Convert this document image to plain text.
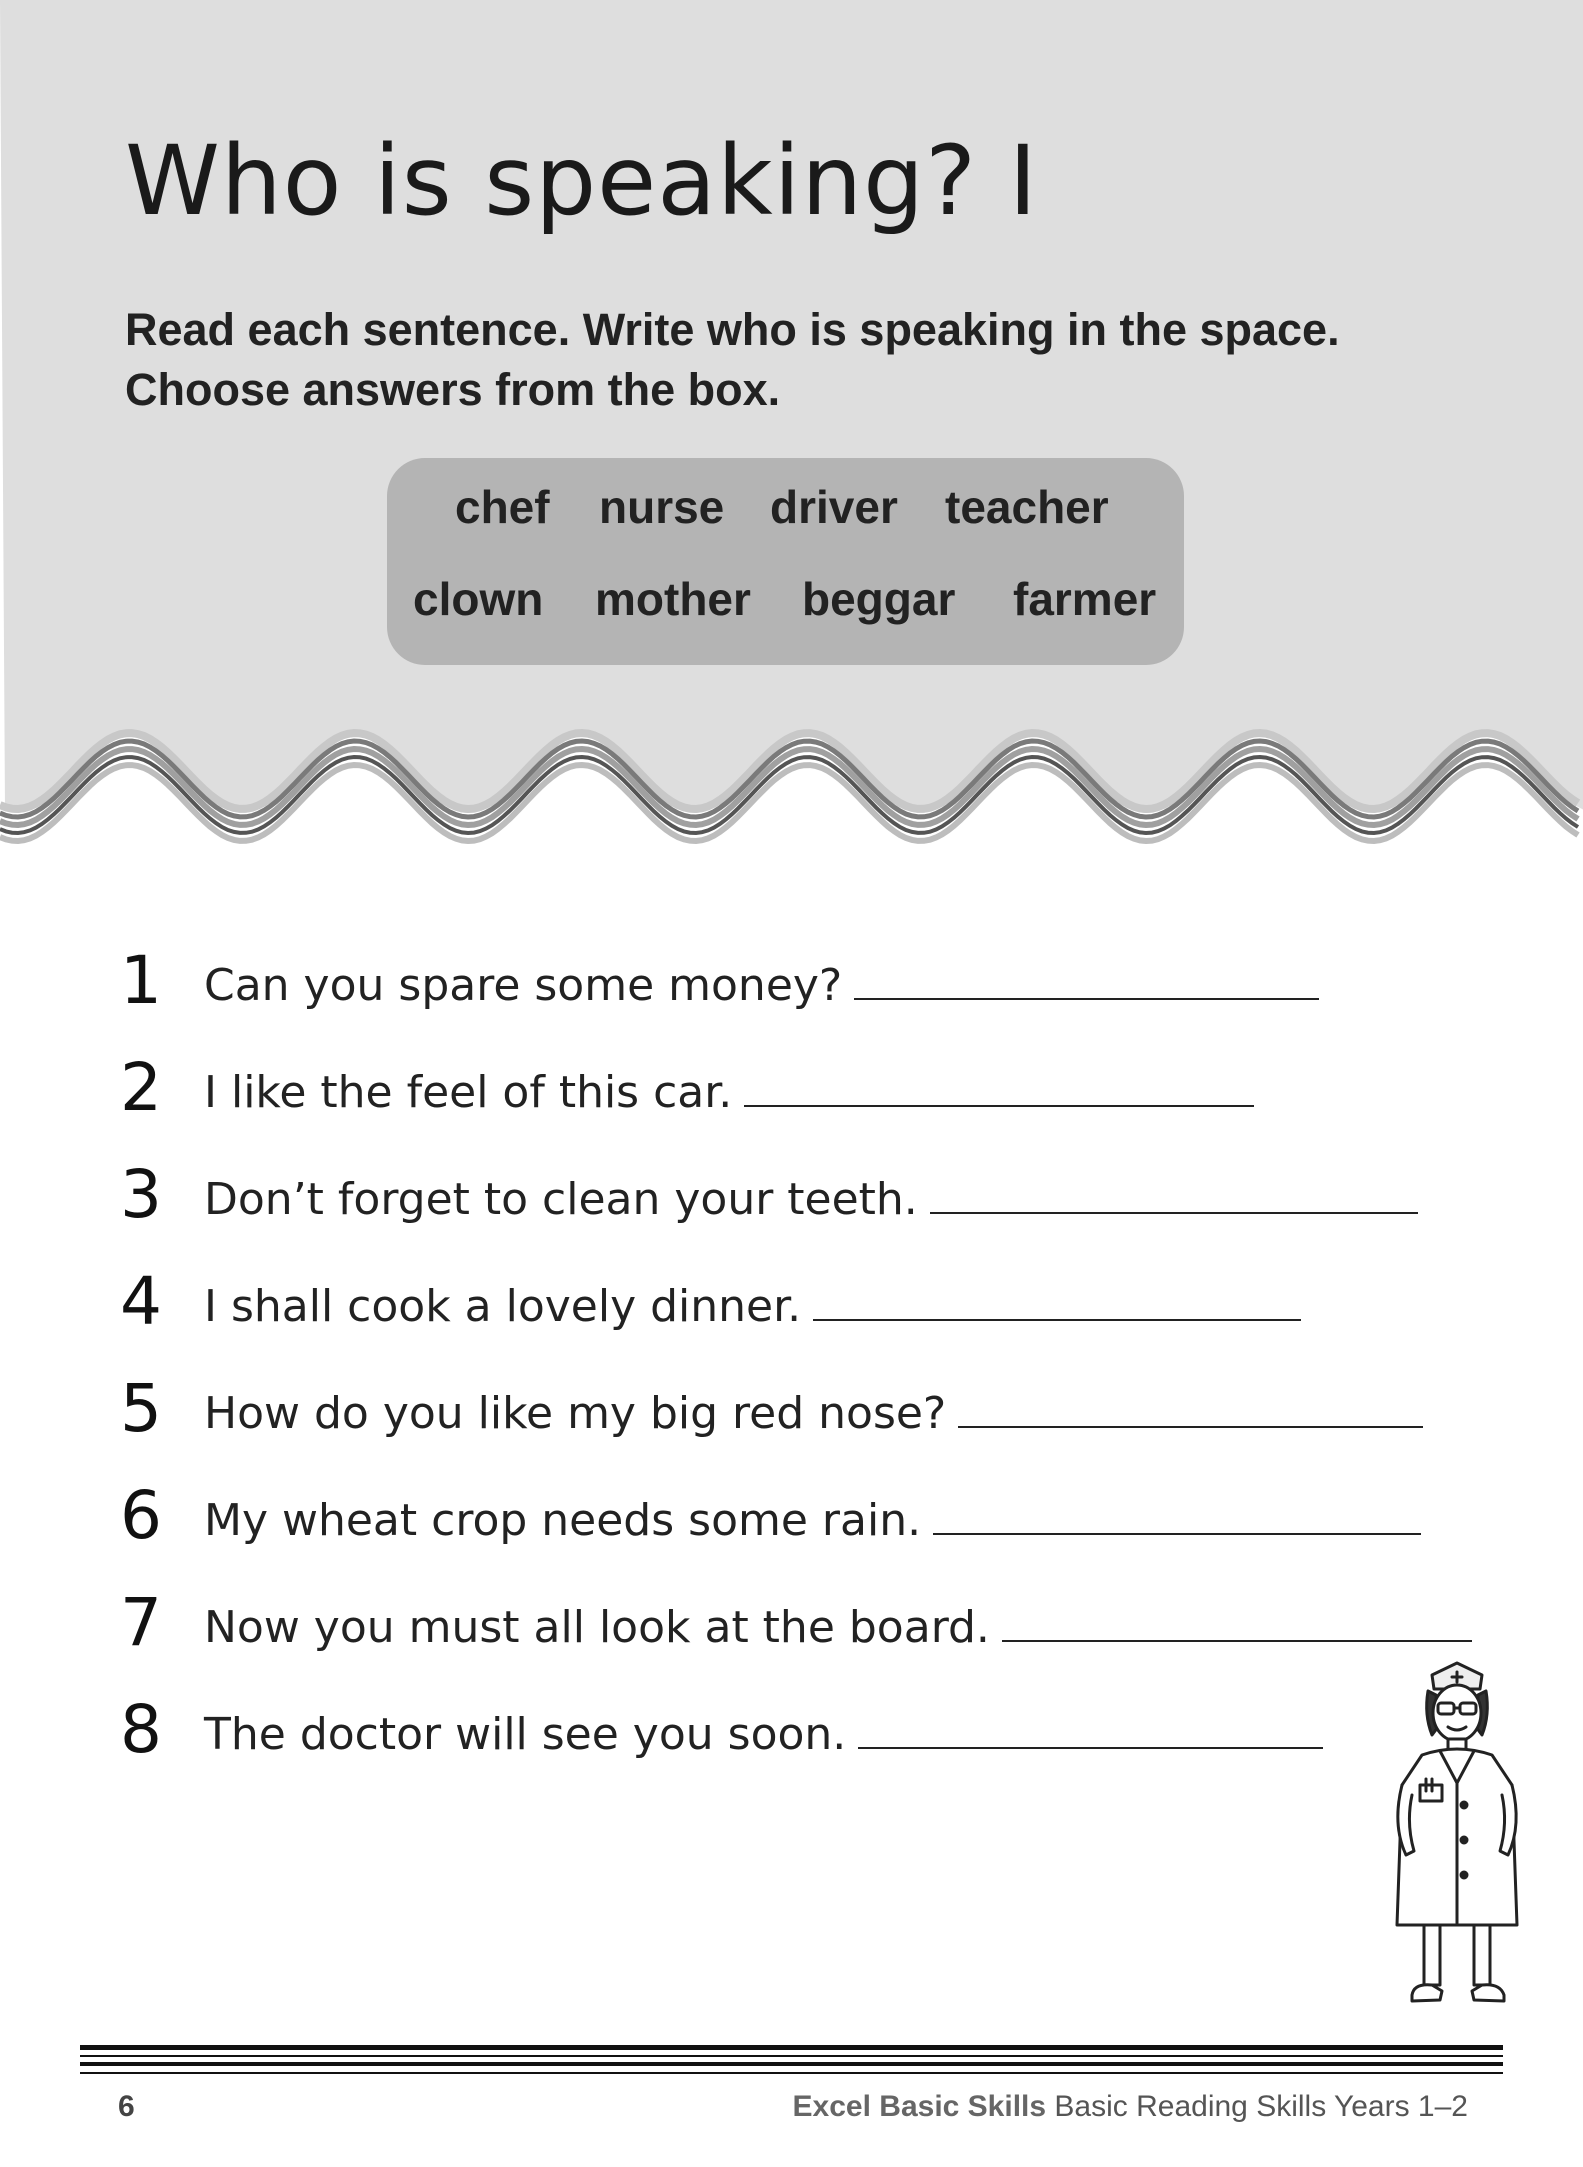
Who is speaking? I
Read each sentence. Write who is speaking in the space.
Choose answers from the box.
chef nurse driver teacher
clown mother beggar farmer
1 Can you spare some money?
2 I like the feel of this car.
3 Don’t forget to clean your teeth.
4 I shall cook a lovely dinner.
5 How do you like my big red nose?
6 My wheat crop needs some rain.
7 Now you must all look at the board.
8 The doctor will see you soon.
6	Excel Basic Skills Basic Reading Skills Years 1–2
